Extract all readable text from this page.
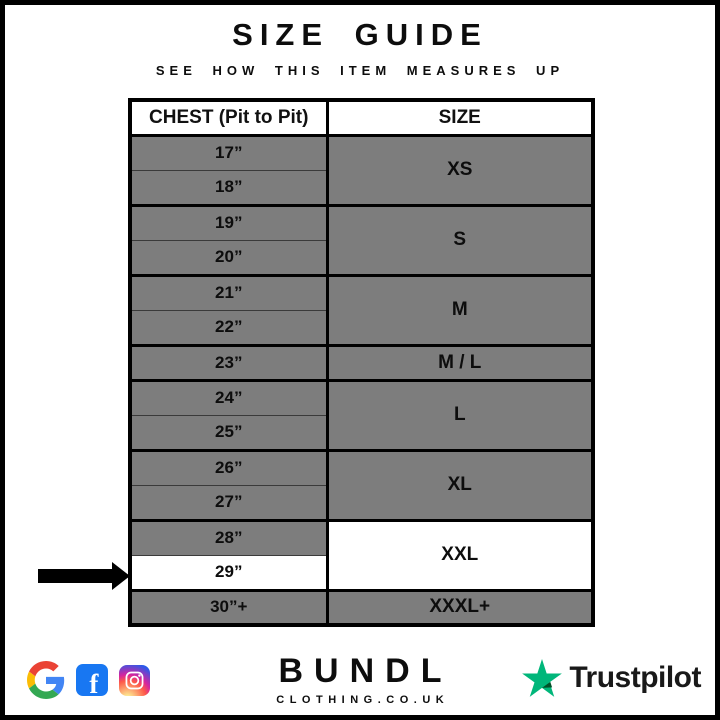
SIZE GUIDE
SEE HOW THIS ITEM MEASURES UP
CHEST (Pit to Pit)	SIZE
17”	XS
18”	
19”	S
20”	
21”	M
22”	
23”	M / L
24”	L
25”	
26”	XL
27”	
28”	XXL
29”	
30”+	XXXL+
f	BUNDL
CLOTHING.CO.UK
Trustpilot
